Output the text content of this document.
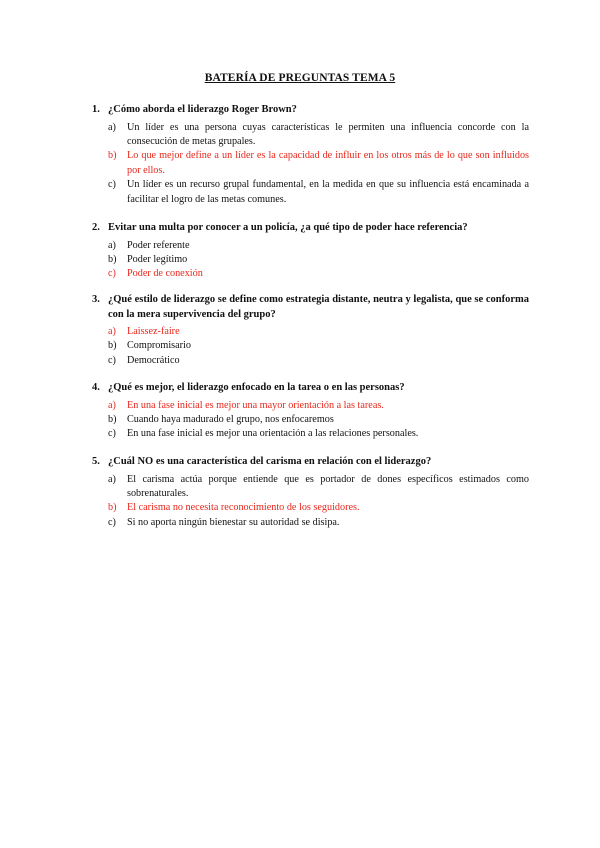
BATERÍA DE PREGUNTAS TEMA 5
1. ¿Cómo aborda el liderazgo Roger Brown?
a)	Un líder es una persona cuyas características le permiten una influencia concorde con la consecución de metas grupales.
b)	Lo que mejor define a un líder es la capacidad de influir en los otros más de lo que son influidos por ellos.
c)	Un líder es un recurso grupal fundamental, en la medida en que su influencia está encaminada a facilitar el logro de las metas comunes.
2. Evitar una multa por conocer a un policía, ¿a qué tipo de poder hace referencia?
a)	Poder referente
b)	Poder legítimo
c)	Poder de conexión
3. ¿Qué estilo de liderazgo se define como estrategia distante, neutra y legalista, que se conforma con la mera supervivencia del grupo?
a)	Laissez-faire
b)	Compromisario
c)	Democrático
4. ¿Qué es mejor, el liderazgo enfocado en la tarea o en las personas?
a)	En una fase inicial es mejor una mayor orientación a las tareas.
b)	Cuando haya madurado el grupo, nos enfocaremos
c)	En una fase inicial es mejor una orientación a las relaciones personales.
5. ¿Cuál NO es una característica del carisma en relación con el liderazgo?
a)	El carisma actúa porque entiende que es portador de dones específicos estimados como sobrenaturales.
b)	El carisma no necesita reconocimiento de los seguidores.
c)	Si no aporta ningún bienestar su autoridad se disipa.
